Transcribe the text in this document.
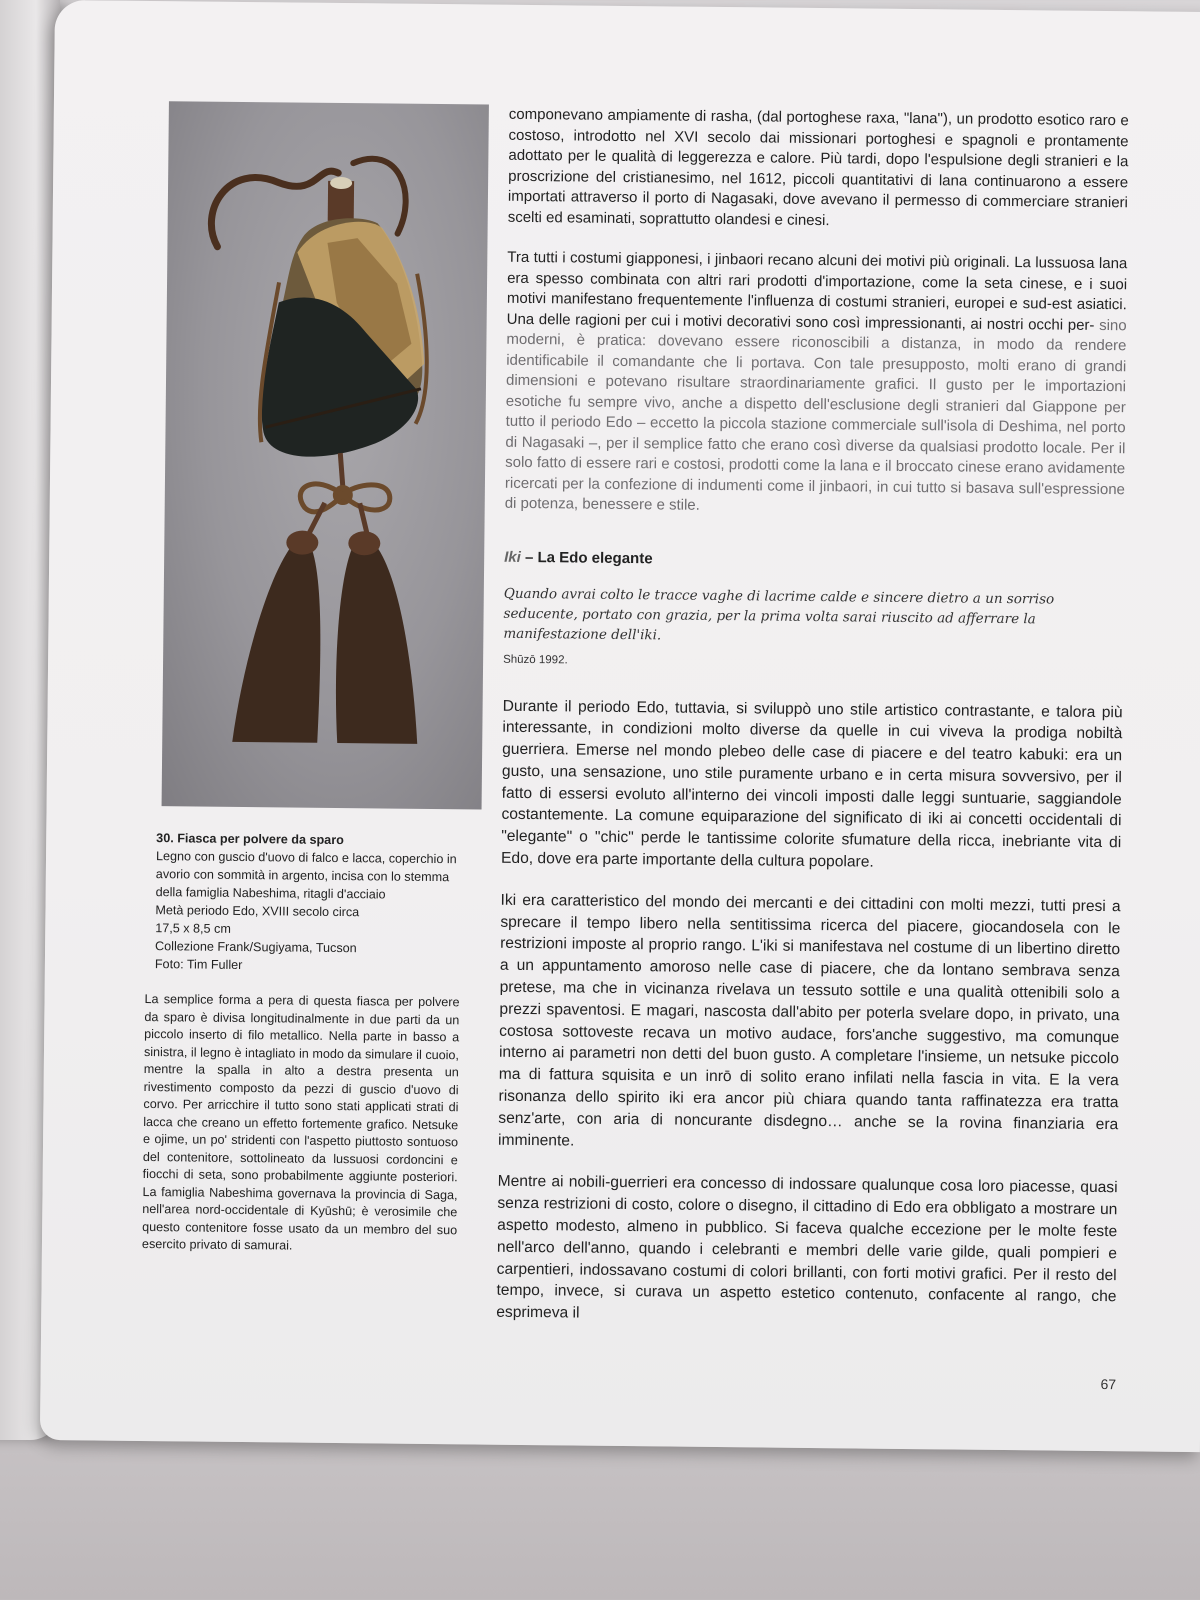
30. Fiasca per polvere da sparo
Legno con guscio d'uovo di falco e lacca, coperchio in
avorio con sommità in argento, incisa con lo stemma
della famiglia Nabeshima, ritagli d'acciaio
Metà periodo Edo, XVIII secolo circa
17,5 x 8,5 cm
Collezione Frank/Sugiyama, Tucson
Foto: Tim Fuller
La semplice forma a pera di questa fiasca per polvere da sparo è divisa longitudinalmente in due parti da un piccolo inserto di filo metallico. Nella parte in basso a sinistra, il legno è intagliato in modo da simulare il cuoio, mentre la spalla in alto a destra presenta un rivestimento composto da pezzi di guscio d'uovo di corvo. Per arricchire il tutto sono stati applicati strati di lacca che creano un effetto fortemente grafico. Netsuke e ojime, un po' stridenti con l'aspetto piuttosto sontuoso del contenitore, sottolineato da lussuosi cordoncini e fiocchi di seta, sono probabilmente aggiunte posteriori. La famiglia Nabeshima governava la provincia di Saga, nell'area nord-occidentale di Kyūshū; è verosimile che questo contenitore fosse usato da un membro del suo esercito privato di samurai.

componevano ampiamente di rasha, (dal portoghese raxa, "lana"), un prodotto esotico raro e costoso, introdotto nel XVI secolo dai missionari portoghesi e spagnoli e prontamente adottato per le qualità di leggerezza e calore. Più tardi, dopo l'espulsione degli stranieri e la proscrizione del cristianesimo, nel 1612, piccoli quantitativi di lana continuarono a essere importati attraverso il porto di Nagasaki, dove avevano il permesso di commerciare stranieri scelti ed esaminati, soprattutto olandesi e cinesi.

Tra tutti i costumi giapponesi, i jinbaori recano alcuni dei motivi più originali. La lussuosa lana era spesso combinata con altri rari prodotti d'importazione, come la seta cinese, e i suoi motivi manifestano frequentemente l'influenza di costumi stranieri, europei e sud-est asiatici. Una delle ragioni per cui i motivi decorativi sono così impressionanti, ai nostri occhi per- sino moderni, è pratica: dovevano essere riconoscibili a distanza, in modo da rendere identificabile il comandante che li portava. Con tale presupposto, molti erano di grandi dimensioni e potevano risultare straordinariamente grafici. Il gusto per le importazioni esotiche fu sempre vivo, anche a dispetto dell'esclusione degli stranieri dal Giappone per tutto il periodo Edo – eccetto la piccola stazione commerciale sull'isola di Deshima, nel porto di Nagasaki –, per il semplice fatto che erano così diverse da qualsiasi prodotto locale. Per il solo fatto di essere rari e costosi, prodotti come la lana e il broccato cinese erano avidamente ricercati per la confezione di indumenti come il jinbaori, in cui tutto si basava sull'espressione di potenza, benessere e stile.

Iki – La Edo elegante
Quando avrai colto le tracce vaghe di lacrime calde e sincere dietro a un sorriso seducente, portato con grazia, per la prima volta sarai riuscito ad afferrare la manifestazione dell'iki.
Shūzō 1992.

Durante il periodo Edo, tuttavia, si sviluppò uno stile artistico contrastante, e talora più interessante, in condizioni molto diverse da quelle in cui viveva la prodiga nobiltà guerriera. Emerse nel mondo plebeo delle case di piacere e del teatro kabuki: era un gusto, una sensazione, uno stile puramente urbano e in certa misura sovversivo, per il fatto di essersi evoluto all'interno dei vincoli imposti dalle leggi suntuarie, saggiandole costantemente. La comune equiparazione del significato di iki ai concetti occidentali di "elegante" o "chic" perde le tantissime colorite sfumature della ricca, inebriante vita di Edo, dove era parte importante della cultura popolare.

Iki era caratteristico del mondo dei mercanti e dei cittadini con molti mezzi, tutti presi a sprecare il tempo libero nella sentitissima ricerca del piacere, giocandosela con le restrizioni imposte al proprio rango. L'iki si manifestava nel costume di un libertino diretto a un appuntamento amoroso nelle case di piacere, che da lontano sembrava senza pretese, ma che in vicinanza rivelava un tessuto sottile e una qualità ottenibili solo a prezzi spaventosi. E magari, nascosta dall'abito per poterla svelare dopo, in privato, una costosa sottoveste recava un motivo audace, fors'anche suggestivo, ma comunque interno ai parametri non detti del buon gusto. A completare l'insieme, un netsuke piccolo ma di fattura squisita e un inrō di solito erano infilati nella fascia in vita. E la vera risonanza dello spirito iki era ancor più chiara quando tanta raffinatezza era tratta senz'arte, con aria di noncurante disdegno… anche se la rovina finanziaria era imminente.

Mentre ai nobili-guerrieri era concesso di indossare qualunque cosa loro piacesse, quasi senza restrizioni di costo, colore o disegno, il cittadino di Edo era obbligato a mostrare un aspetto modesto, almeno in pubblico. Si faceva qualche eccezione per le molte feste nell'arco dell'anno, quando i celebranti e membri delle varie gilde, quali pompieri e carpentieri, indossavano costumi di colori brillanti, con forti motivi grafici. Per il resto del tempo, invece, si curava un aspetto estetico contenuto, confacente al rango, che esprimeva il

67
